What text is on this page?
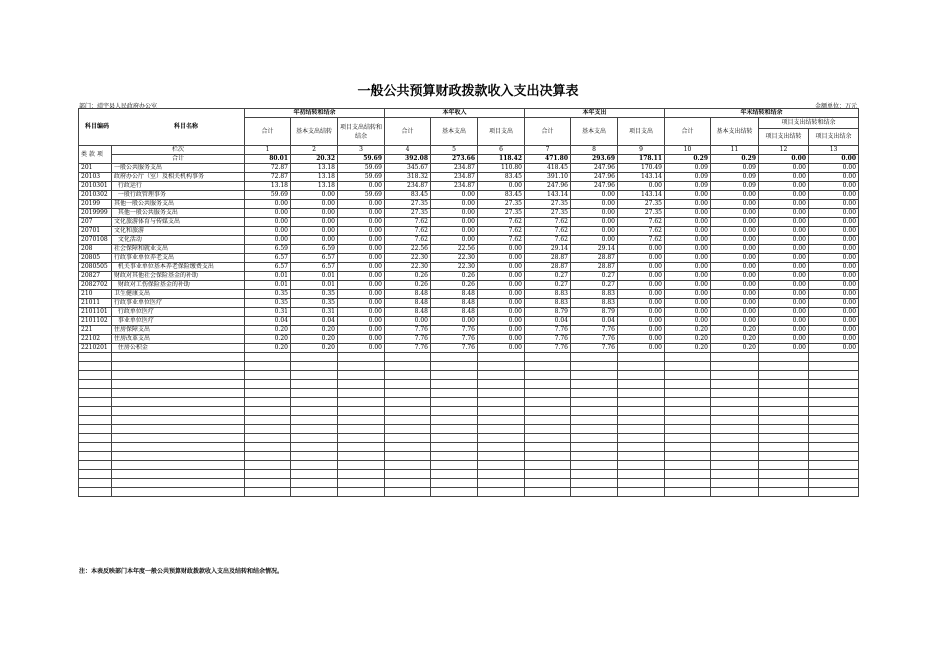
一般公共预算财政拨款收入支出决算表
部门：靖宇县人民政府办公室	金额单位：万元
科目编码 科目名称		年初结转和结余			本年收入			本年支出			年末结转和结余			
		合计	基本支出结转	项目支出结转和结余	合计	基本支出	项目支出	合计	基本支出	项目支出	合计	基本支出结转	项目支出结转和结余	
													项目支出结转	项目支出结余
类 款 项	栏次	1	2	3	4	5	6	7	8	9	10	11	12	13
	合计	80.01	20.32	59.69	392.08	273.66	118.42	471.80	293.69	178.11	0.29	0.29	0.00	0.00
201	一般公共服务支出	72.87	13.18	59.69	345.67	234.87	110.80	418.45	247.96	170.49	0.09	0.09	0.00	0.00
20103	政府办公厅（室）及相关机构事务	72.87	13.18	59.69	318.32	234.87	83.45	391.10	247.96	143.14	0.09	0.09	0.00	0.00
2010301	行政运行	13.18	13.18	0.00	234.87	234.87	0.00	247.96	247.96	0.00	0.09	0.09	0.00	0.00
2010302	一般行政管理事务	59.69	0.00	59.69	83.45	0.00	83.45	143.14	0.00	143.14	0.00	0.00	0.00	0.00
20199	其他一般公共服务支出	0.00	0.00	0.00	27.35	0.00	27.35	27.35	0.00	27.35	0.00	0.00	0.00	0.00
2019999	其他一般公共服务支出	0.00	0.00	0.00	27.35	0.00	27.35	27.35	0.00	27.35	0.00	0.00	0.00	0.00
207	文化旅游体育与传媒支出	0.00	0.00	0.00	7.62	0.00	7.62	7.62	0.00	7.62	0.00	0.00	0.00	0.00
20701	文化和旅游	0.00	0.00	0.00	7.62	0.00	7.62	7.62	0.00	7.62	0.00	0.00	0.00	0.00
2070108	文化活动	0.00	0.00	0.00	7.62	0.00	7.62	7.62	0.00	7.62	0.00	0.00	0.00	0.00
208	社会保障和就业支出	6.59	6.59	0.00	22.56	22.56	0.00	29.14	29.14	0.00	0.00	0.00	0.00	0.00
20805	行政事业单位养老支出	6.57	6.57	0.00	22.30	22.30	0.00	28.87	28.87	0.00	0.00	0.00	0.00	0.00
2080505	机关事业单位基本养老保险缴费支出	6.57	6.57	0.00	22.30	22.30	0.00	28.87	28.87	0.00	0.00	0.00	0.00	0.00
20827	财政对其他社会保险基金的补助	0.01	0.01	0.00	0.26	0.26	0.00	0.27	0.27	0.00	0.00	0.00	0.00	0.00
2082702	财政对工伤保险基金的补助	0.01	0.01	0.00	0.26	0.26	0.00	0.27	0.27	0.00	0.00	0.00	0.00	0.00
210	卫生健康支出	0.35	0.35	0.00	8.48	8.48	0.00	8.83	8.83	0.00	0.00	0.00	0.00	0.00
21011	行政事业单位医疗	0.35	0.35	0.00	8.48	8.48	0.00	8.83	8.83	0.00	0.00	0.00	0.00	0.00
2101101	行政单位医疗	0.31	0.31	0.00	8.48	8.48	0.00	8.79	8.79	0.00	0.00	0.00	0.00	0.00
2101102	事业单位医疗	0.04	0.04	0.00	0.00	0.00	0.00	0.04	0.04	0.00	0.00	0.00	0.00	0.00
221	住房保障支出	0.20	0.20	0.00	7.76	7.76	0.00	7.76	7.76	0.00	0.20	0.20	0.00	0.00
22102	住房改革支出	0.20	0.20	0.00	7.76	7.76	0.00	7.76	7.76	0.00	0.20	0.20	0.00	0.00
2210201	住房公积金	0.20	0.20	0.00	7.76	7.76	0.00	7.76	7.76	0.00	0.20	0.20	0.00	0.00

注：本表反映部门本年度一般公共预算财政拨款收入支出及结转和结余情况。
